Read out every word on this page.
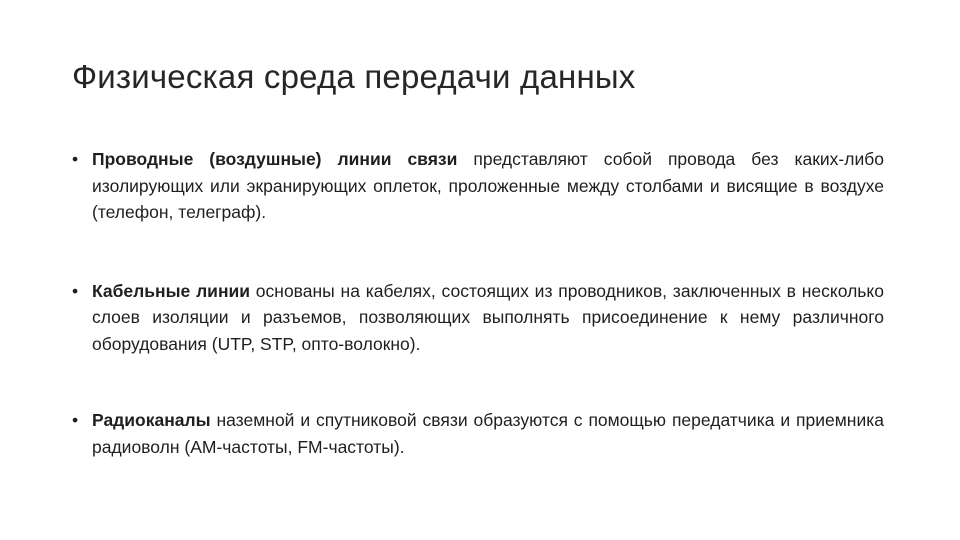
Физическая среда передачи данных
• Проводные (воздушные) линии связи представляют собой провода без каких-либо изолирующих или экранирующих оплеток, проложенные между столбами и висящие в воздухе (телефон, телеграф).
• Кабельные линии основаны на кабелях, состоящих из проводников, заключенных в несколько слоев изоляции и разъемов, позволяющих выполнять присоединение к нему различного оборудования (UTP, STP, опто-волокно).
• Радиоканалы наземной и спутниковой связи образуются с помощью передатчика и приемника радиоволн (АМ-частоты, FM-частоты).
